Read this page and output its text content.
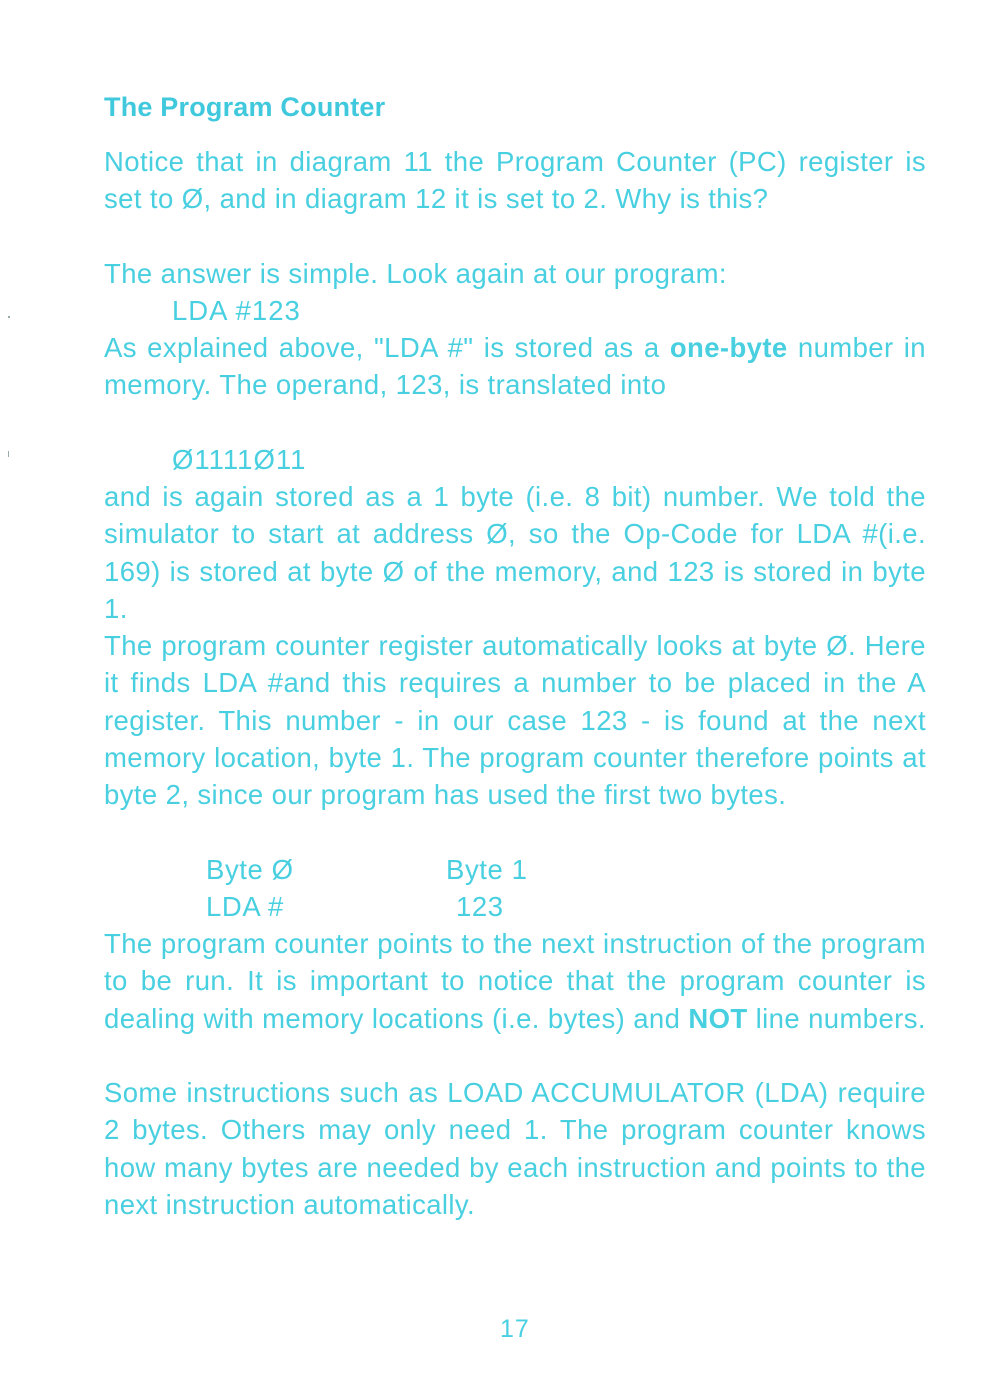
The Program Counter

Notice that in diagram 11 the Program Counter (PC) register is set to Ø, and in diagram 12 it is set to 2. Why is this?

The answer is simple. Look again at our program:

LDA #123

As explained above, "LDA #" is stored as a one-byte number in memory. The operand, 123, is translated into

Ø1111Ø11

and is again stored as a 1 byte (i.e. 8 bit) number. We told the simulator to start at address Ø, so the Op-Code for LDA #(i.e. 169) is stored at byte Ø of the memory, and 123 is stored in byte 1.

The program counter register automatically looks at byte Ø. Here it finds LDA #and this requires a number to be placed in the A register. This number - in our case 123 - is found at the next memory location, byte 1. The program counter therefore points at byte 2, since our program has used the first two bytes.

Byte Ø	Byte 1

LDA #	123

The program counter points to the next instruction of the program to be run. It is important to notice that the program counter is dealing with memory locations (i.e. bytes) and NOT line numbers.

Some instructions such as LOAD ACCUMULATOR (LDA) require 2 bytes. Others may only need 1. The program counter knows how many bytes are needed by each instruction and points to the next instruction automatically.

17
